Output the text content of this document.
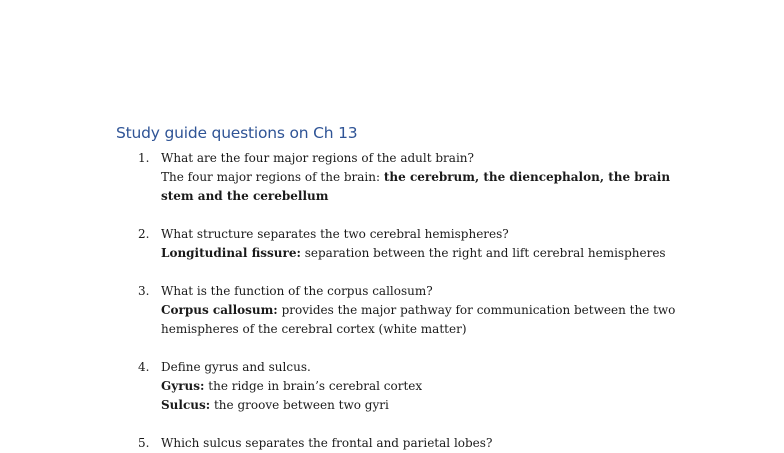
Study guide questions on Ch 13
1. What are the four major regions of the adult brain?
The four major regions of the brain: the cerebrum, the diencephalon, the brain
stem and the cerebellum
2. What structure separates the two cerebral hemispheres?
Longitudinal fissure: separation between the right and lift cerebral hemispheres
3. What is the function of the corpus callosum?
Corpus callosum: provides the major pathway for communication between the two
hemispheres of the cerebral cortex (white matter)
4. Define gyrus and sulcus.
Gyrus: the ridge in brain’s cerebral cortex
Sulcus: the groove between two gyri
5. Which sulcus separates the frontal and parietal lobes?
